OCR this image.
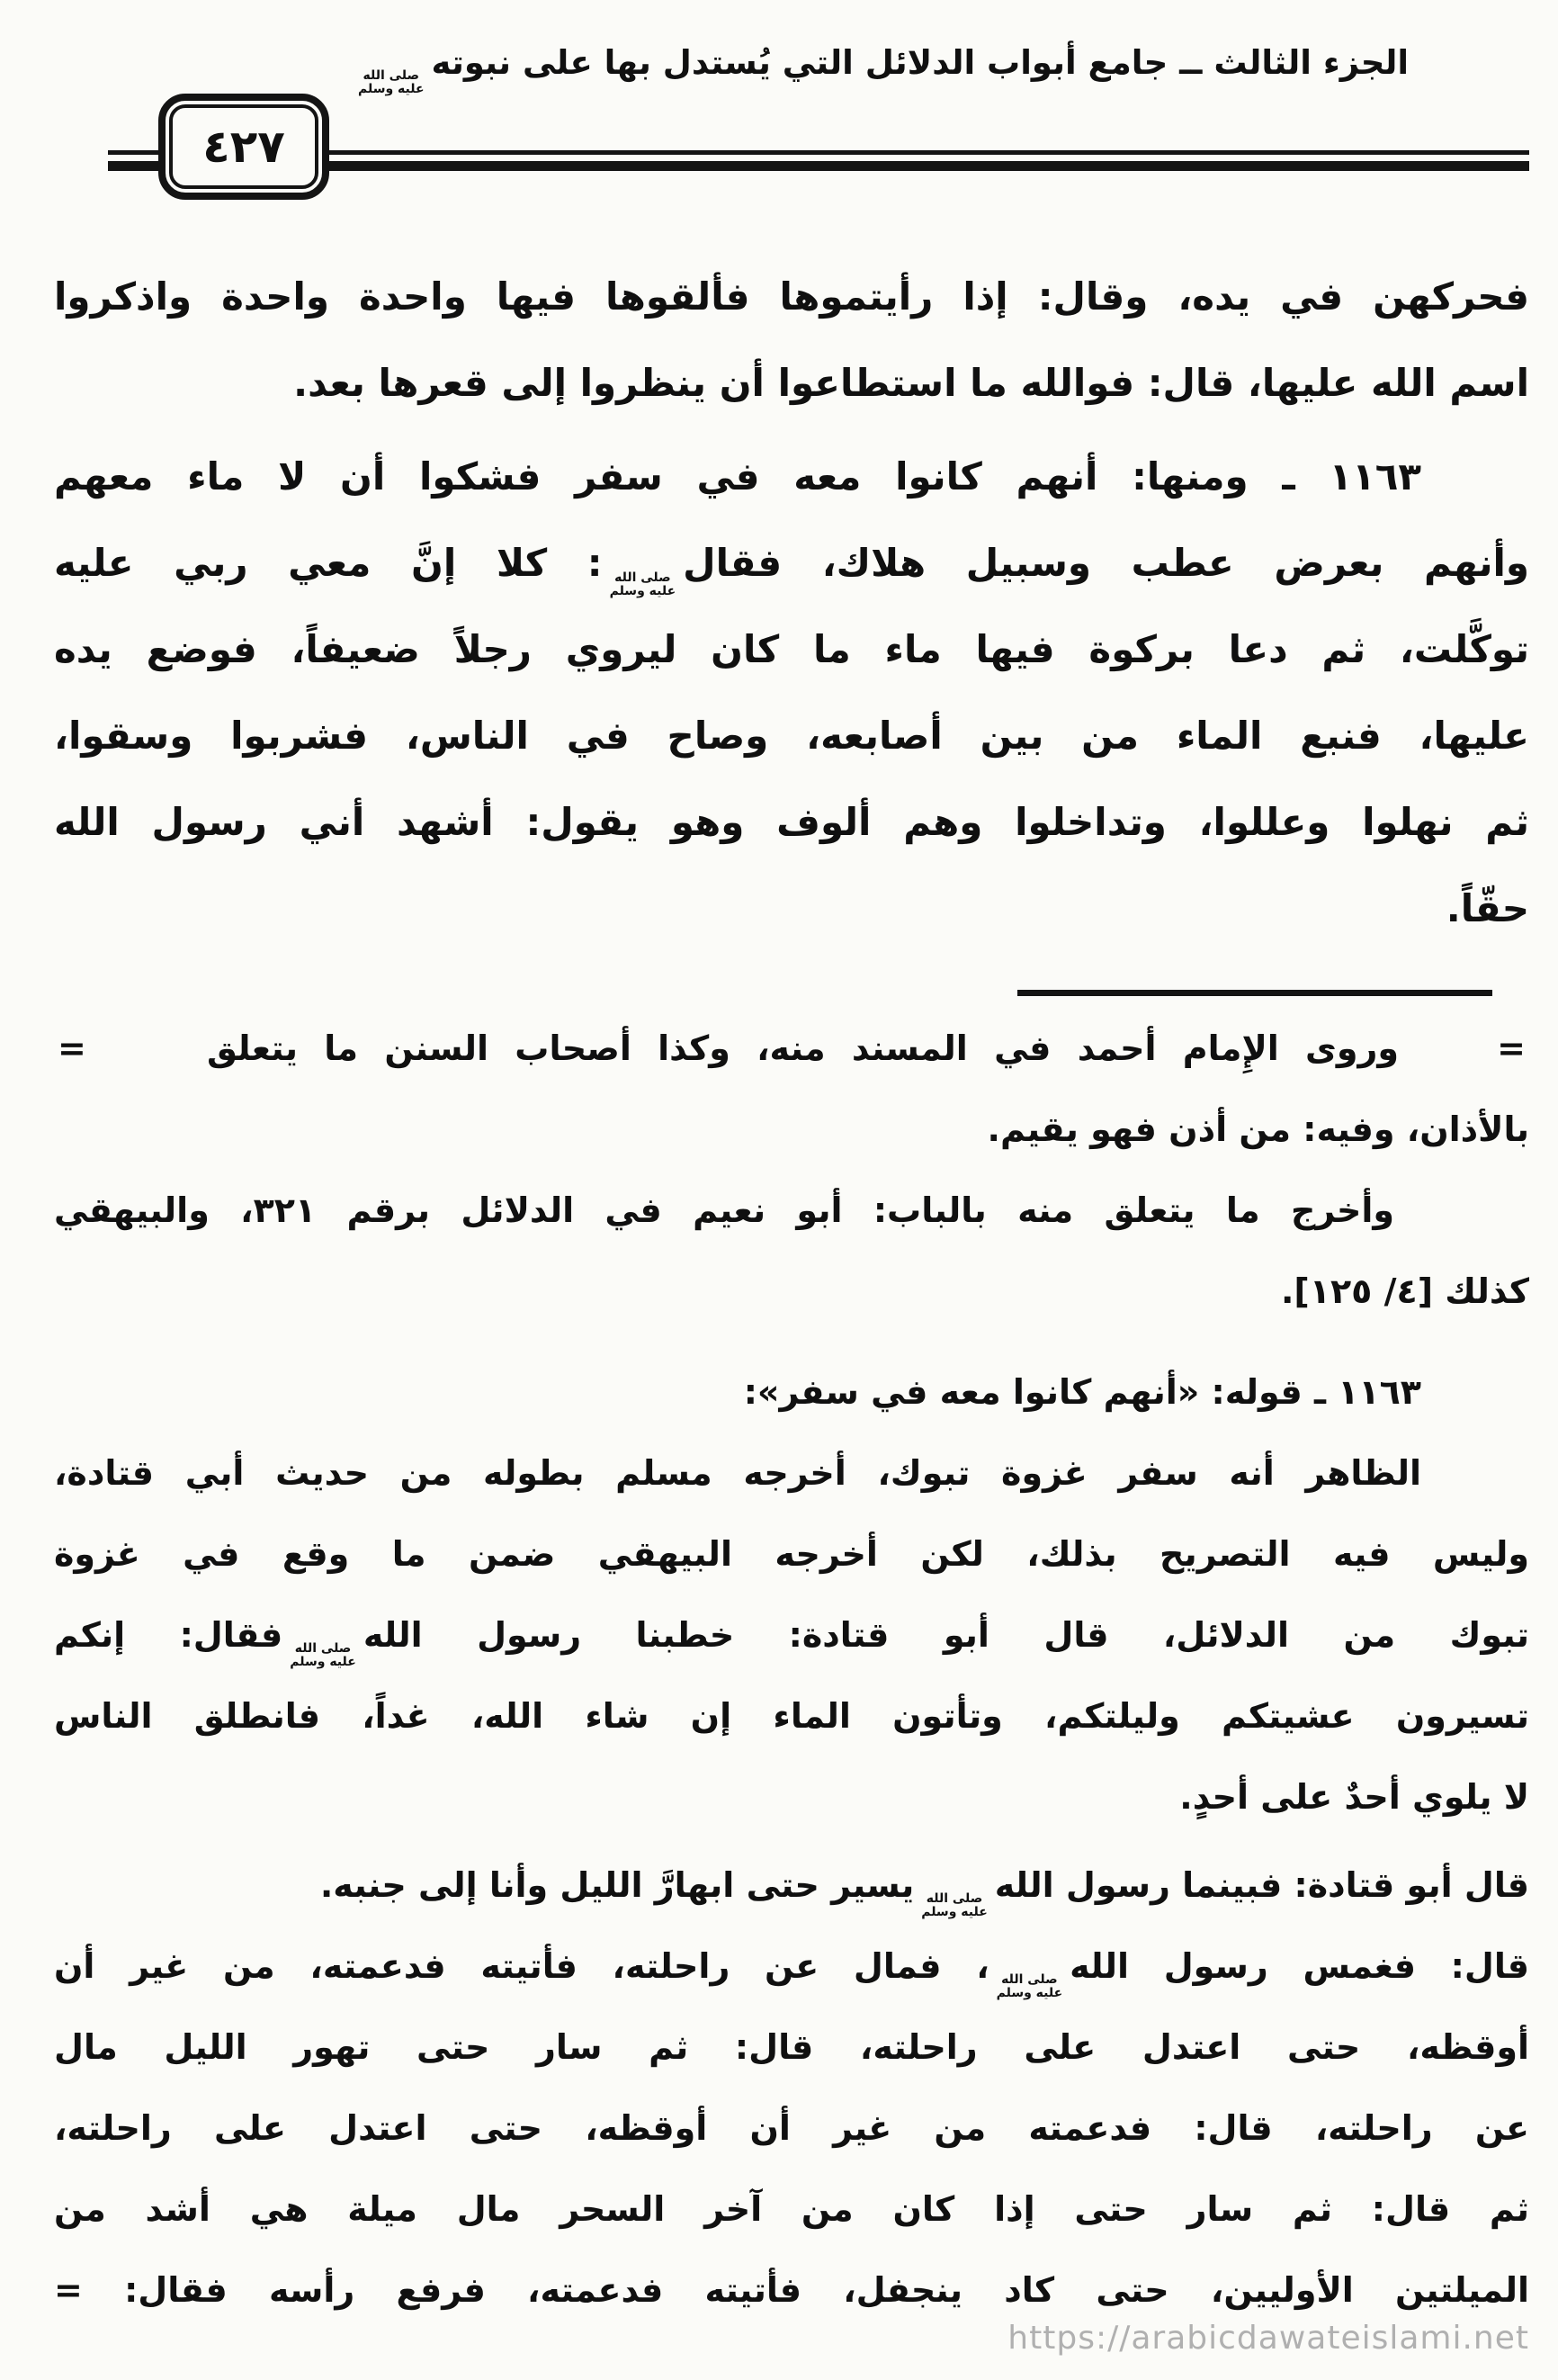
الجزء الثالث ــ جامع أبواب الدلائل التي يُستدل بها على نبوته
صلى الله
عليه وسلم
٤٢٧
فحركهن في يده، وقال: إذا رأيتموها فألقوها فيها واحدة واحدة واذكروا
اسم الله عليها، قال: فوالله ما استطاعوا أن ينظروا إلى قعرها بعد.
١١٦٣ ـ ومنها: أنهم كانوا معه في سفر فشكوا أن لا ماء معهم
وأنهم بعرض عطب وسبيل هلاك، فقال
صلى الله
عليه وسلم
: كلا إنَّ معي ربي عليه
توكَّلت، ثم دعا بركوة فيها ماء ما كان ليروي رجلاً ضعيفاً، فوضع يده
عليها، فنبع الماء من بين أصابعه، وصاح في الناس، فشربوا وسقوا،
ثم نهلوا وعللوا، وتداخلوا وهم ألوف وهو يقول: أشهد أني رسول الله
حقّاً.
=
وروى الإِمام أحمد في المسند منه، وكذا أصحاب السنن ما يتعلق
=
بالأذان، وفيه: من أذن فهو يقيم.
وأخرج ما يتعلق منه بالباب: أبو نعيم في الدلائل برقم ٣٢١، والبيهقي
كذلك [٤/ ١٢٥].
١١٦٣ ـ قوله: «أنهم كانوا معه في سفر»:
الظاهر أنه سفر غزوة تبوك، أخرجه مسلم بطوله من حديث أبي قتادة،
وليس فيه التصريح بذلك، لكن أخرجه البيهقي ضمن ما وقع في غزوة
تبوك من الدلائل، قال أبو قتادة: خطبنا رسول الله
صلى الله
عليه وسلم
فقال: إنكم
تسيرون عشيتكم وليلتكم، وتأتون الماء إن شاء الله، غداً، فانطلق الناس
لا يلوي أحدٌ على أحدٍ.
قال أبو قتادة: فبينما رسول الله
صلى الله
عليه وسلم
يسير حتى ابهارَّ الليل وأنا إلى جنبه.
قال: فغمس رسول الله
صلى الله
عليه وسلم
، فمال عن راحلته، فأتيته فدعمته، من غير أن
أوقظه، حتى اعتدل على راحلته، قال: ثم سار حتى تهور الليل مال
عن راحلته، قال: فدعمته من غير أن أوقظه، حتى اعتدل على راحلته،
ثم قال: ثم سار حتى إذا كان من آخر السحر مال ميلة هي أشد من
الميلتين الأوليين، حتى كاد ينجفل، فأتيته فدعمته، فرفع رأسه فقال: =
https://arabicdawateislami.net
